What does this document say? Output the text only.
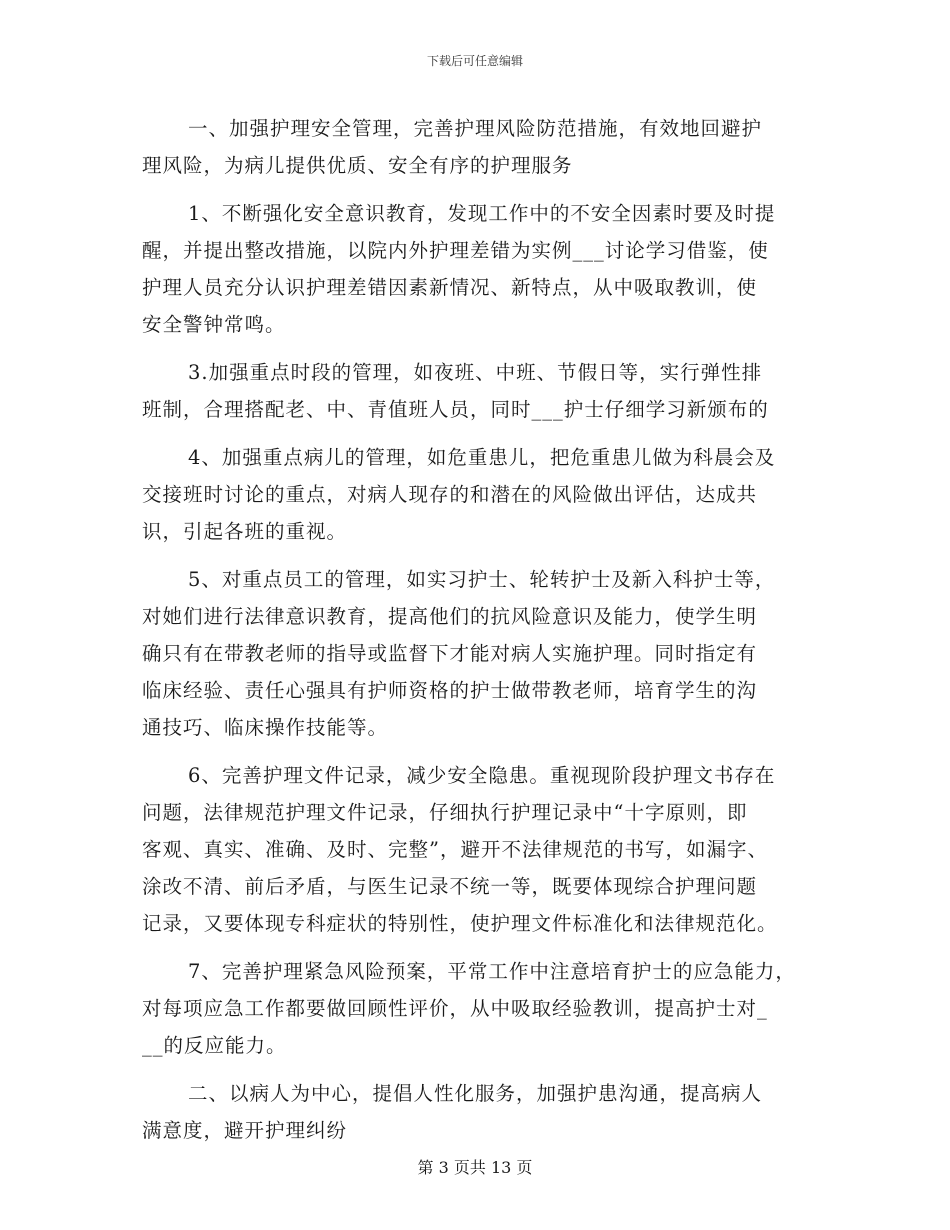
下载后可任意编辑
一、加强护理安全管理，完善护理风险防范措施，有效地回避护
理风险，为病儿提供优质、安全有序的护理服务
1、不断强化安全意识教育，发现工作中的不安全因素时要及时提
醒，并提出整改措施，以院内外护理差错为实例___讨论学习借鉴，使
护理人员充分认识护理差错因素新情况、新特点，从中吸取教训，使
安全警钟常鸣。
3.加强重点时段的管理，如夜班、中班、节假日等，实行弹性排
班制，合理搭配老、中、青值班人员，同时___护士仔细学习新颁布的
4、加强重点病儿的管理，如危重患儿，把危重患儿做为科晨会及
交接班时讨论的重点，对病人现存的和潜在的风险做出评估，达成共
识，引起各班的重视。
5、对重点员工的管理，如实习护士、轮转护士及新入科护士等，
对她们进行法律意识教育，提高他们的抗风险意识及能力，使学生明
确只有在带教老师的指导或监督下才能对病人实施护理。同时指定有
临床经验、责任心强具有护师资格的护士做带教老师，培育学生的沟
通技巧、临床操作技能等。
6、完善护理文件记录，减少安全隐患。重视现阶段护理文书存在
问题，法律规范护理文件记录，仔细执行护理记录中“十字原则，即
客观、真实、准确、及时、完整”，避开不法律规范的书写，如漏字、
涂改不清、前后矛盾，与医生记录不统一等，既要体现综合护理问题
记录，又要体现专科症状的特别性，使护理文件标准化和法律规范化。
7、完善护理紧急风险预案，平常工作中注意培育护士的应急能力，
对每项应急工作都要做回顾性评价，从中吸取经验教训，提高护士对_
__的反应能力。
二、以病人为中心，提倡人性化服务，加强护患沟通，提高病人
满意度，避开护理纠纷
第 3 页共 13 页
